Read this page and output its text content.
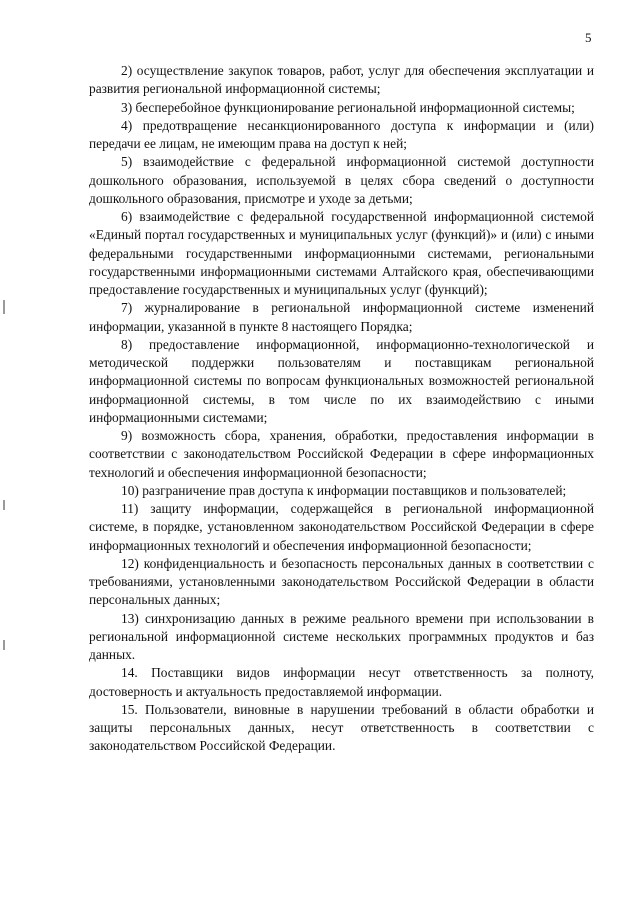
5

2) осуществление закупок товаров, работ, услуг для обеспечения эксплуатации и развития региональной информационной системы;

3) бесперебойное функционирование региональной информационной системы;

4) предотвращение несанкционированного доступа к информации и (или) передачи ее лицам, не имеющим права на доступ к ней;

5) взаимодействие с федеральной информационной системой доступности дошкольного образования, используемой в целях сбора сведений о доступности дошкольного образования, присмотре и уходе за детьми;

6) взаимодействие с федеральной государственной информационной системой «Единый портал государственных и муниципальных услуг (функций)» и (или) с иными федеральными государственными информационными системами, региональными государственными информационными системами Алтайского края, обеспечивающими предоставление государственных и муниципальных услуг (функций);

7) журналирование в региональной информационной системе изменений информации, указанной в пункте 8 настоящего Порядка;

8) предоставление информационной, информационно-технологической и методической поддержки пользователям и поставщикам региональной информационной системы по вопросам функциональных возможностей региональной информационной системы, в том числе по их взаимодействию с иными информационными системами;

9) возможность сбора, хранения, обработки, предоставления информации в соответствии с законодательством Российской Федерации в сфере информационных технологий и обеспечения информационной безопасности;

10) разграничение прав доступа к информации поставщиков и пользователей;

11) защиту информации, содержащейся в региональной информационной системе, в порядке, установленном законодательством Российской Федерации в сфере информационных технологий и обеспечения информационной безопасности;

12) конфиденциальность и безопасность персональных данных в соответствии с требованиями, установленными законодательством Российской Федерации в области персональных данных;

13) синхронизацию данных в режиме реального времени при использовании в региональной информационной системе нескольких программных продуктов и баз данных.

14. Поставщики видов информации несут ответственность за полноту, достоверность и актуальность предоставляемой информации.

15. Пользователи, виновные в нарушении требований в области обработки и защиты персональных данных, несут ответственность в соответствии с законодательством Российской Федерации.
